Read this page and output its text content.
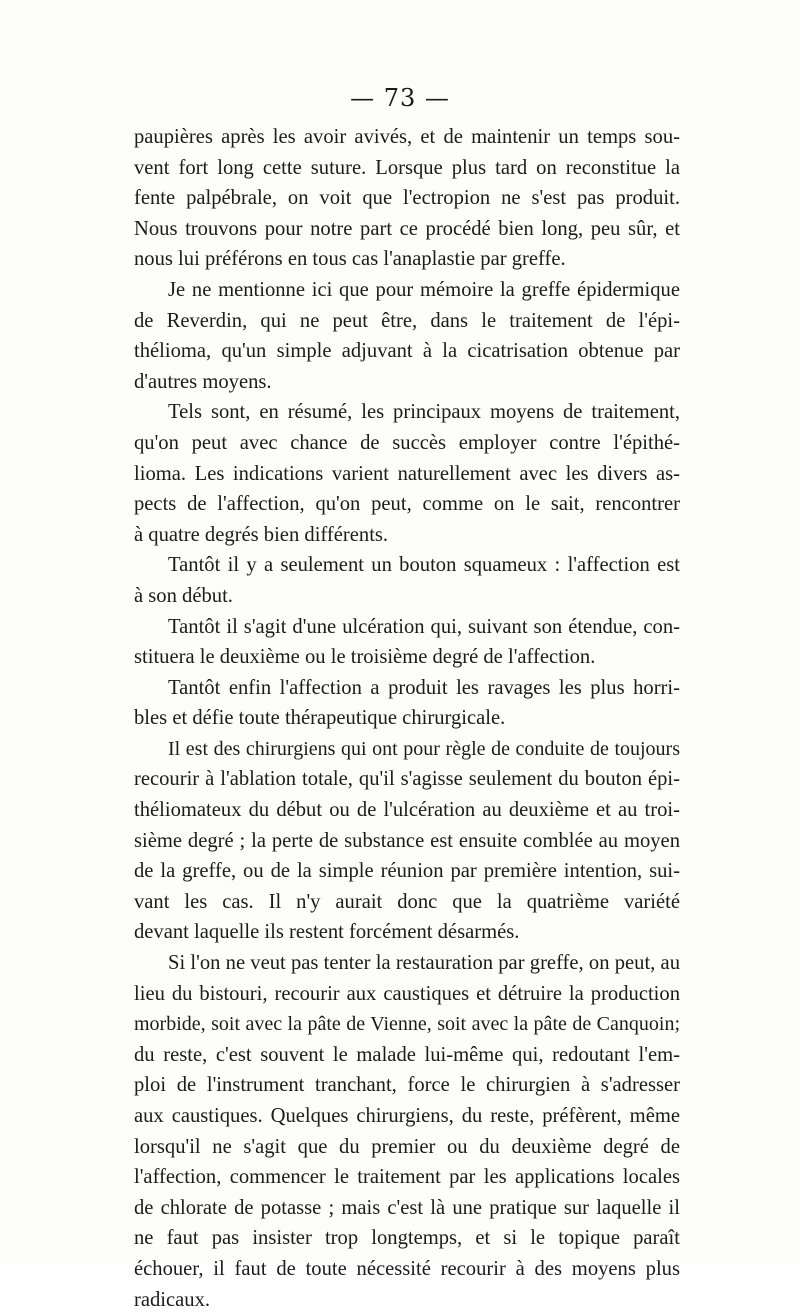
— 73 —
paupières après les avoir avivés, et de maintenir un temps sou-
vent fort long cette suture. Lorsque plus tard on reconstitue la
fente palpébrale, on voit que l'ectropion ne s'est pas produit.
Nous trouvons pour notre part ce procédé bien long, peu sûr, et
nous lui préférons en tous cas l'anaplastie par greffe.
Je ne mentionne ici que pour mémoire la greffe épidermique
de Reverdin, qui ne peut être, dans le traitement de l'épi-
thélioma, qu'un simple adjuvant à la cicatrisation obtenue par
d'autres moyens.
Tels sont, en résumé, les principaux moyens de traitement,
qu'on peut avec chance de succès employer contre l'épithé-
lioma. Les indications varient naturellement avec les divers as-
pects de l'affection, qu'on peut, comme on le sait, rencontrer
à quatre degrés bien différents.
Tantôt il y a seulement un bouton squameux : l'affection est
à son début.
Tantôt il s'agit d'une ulcération qui, suivant son étendue, con-
stituera le deuxième ou le troisième degré de l'affection.
Tantôt enfin l'affection a produit les ravages les plus horri-
bles et défie toute thérapeutique chirurgicale.
Il est des chirurgiens qui ont pour règle de conduite de toujours
recourir à l'ablation totale, qu'il s'agisse seulement du bouton épi-
théliomateux du début ou de l'ulcération au deuxième et au troi-
sième degré ; la perte de substance est ensuite comblée au moyen
de la greffe, ou de la simple réunion par première intention, sui-
vant les cas. Il n'y aurait donc que la quatrième variété
devant laquelle ils restent forcément désarmés.
Si l'on ne veut pas tenter la restauration par greffe, on peut, au
lieu du bistouri, recourir aux caustiques et détruire la production
morbide, soit avec la pâte de Vienne, soit avec la pâte de Canquoin;
du reste, c'est souvent le malade lui-même qui, redoutant l'em-
ploi de l'instrument tranchant, force le chirurgien à s'adresser
aux caustiques. Quelques chirurgiens, du reste, préfèrent, même
lorsqu'il ne s'agit que du premier ou du deuxième degré de
l'affection, commencer le traitement par les applications locales
de chlorate de potasse ; mais c'est là une pratique sur laquelle il
ne faut pas insister trop longtemps, et si le topique paraît
échouer, il faut de toute nécessité recourir à des moyens plus
radicaux.
